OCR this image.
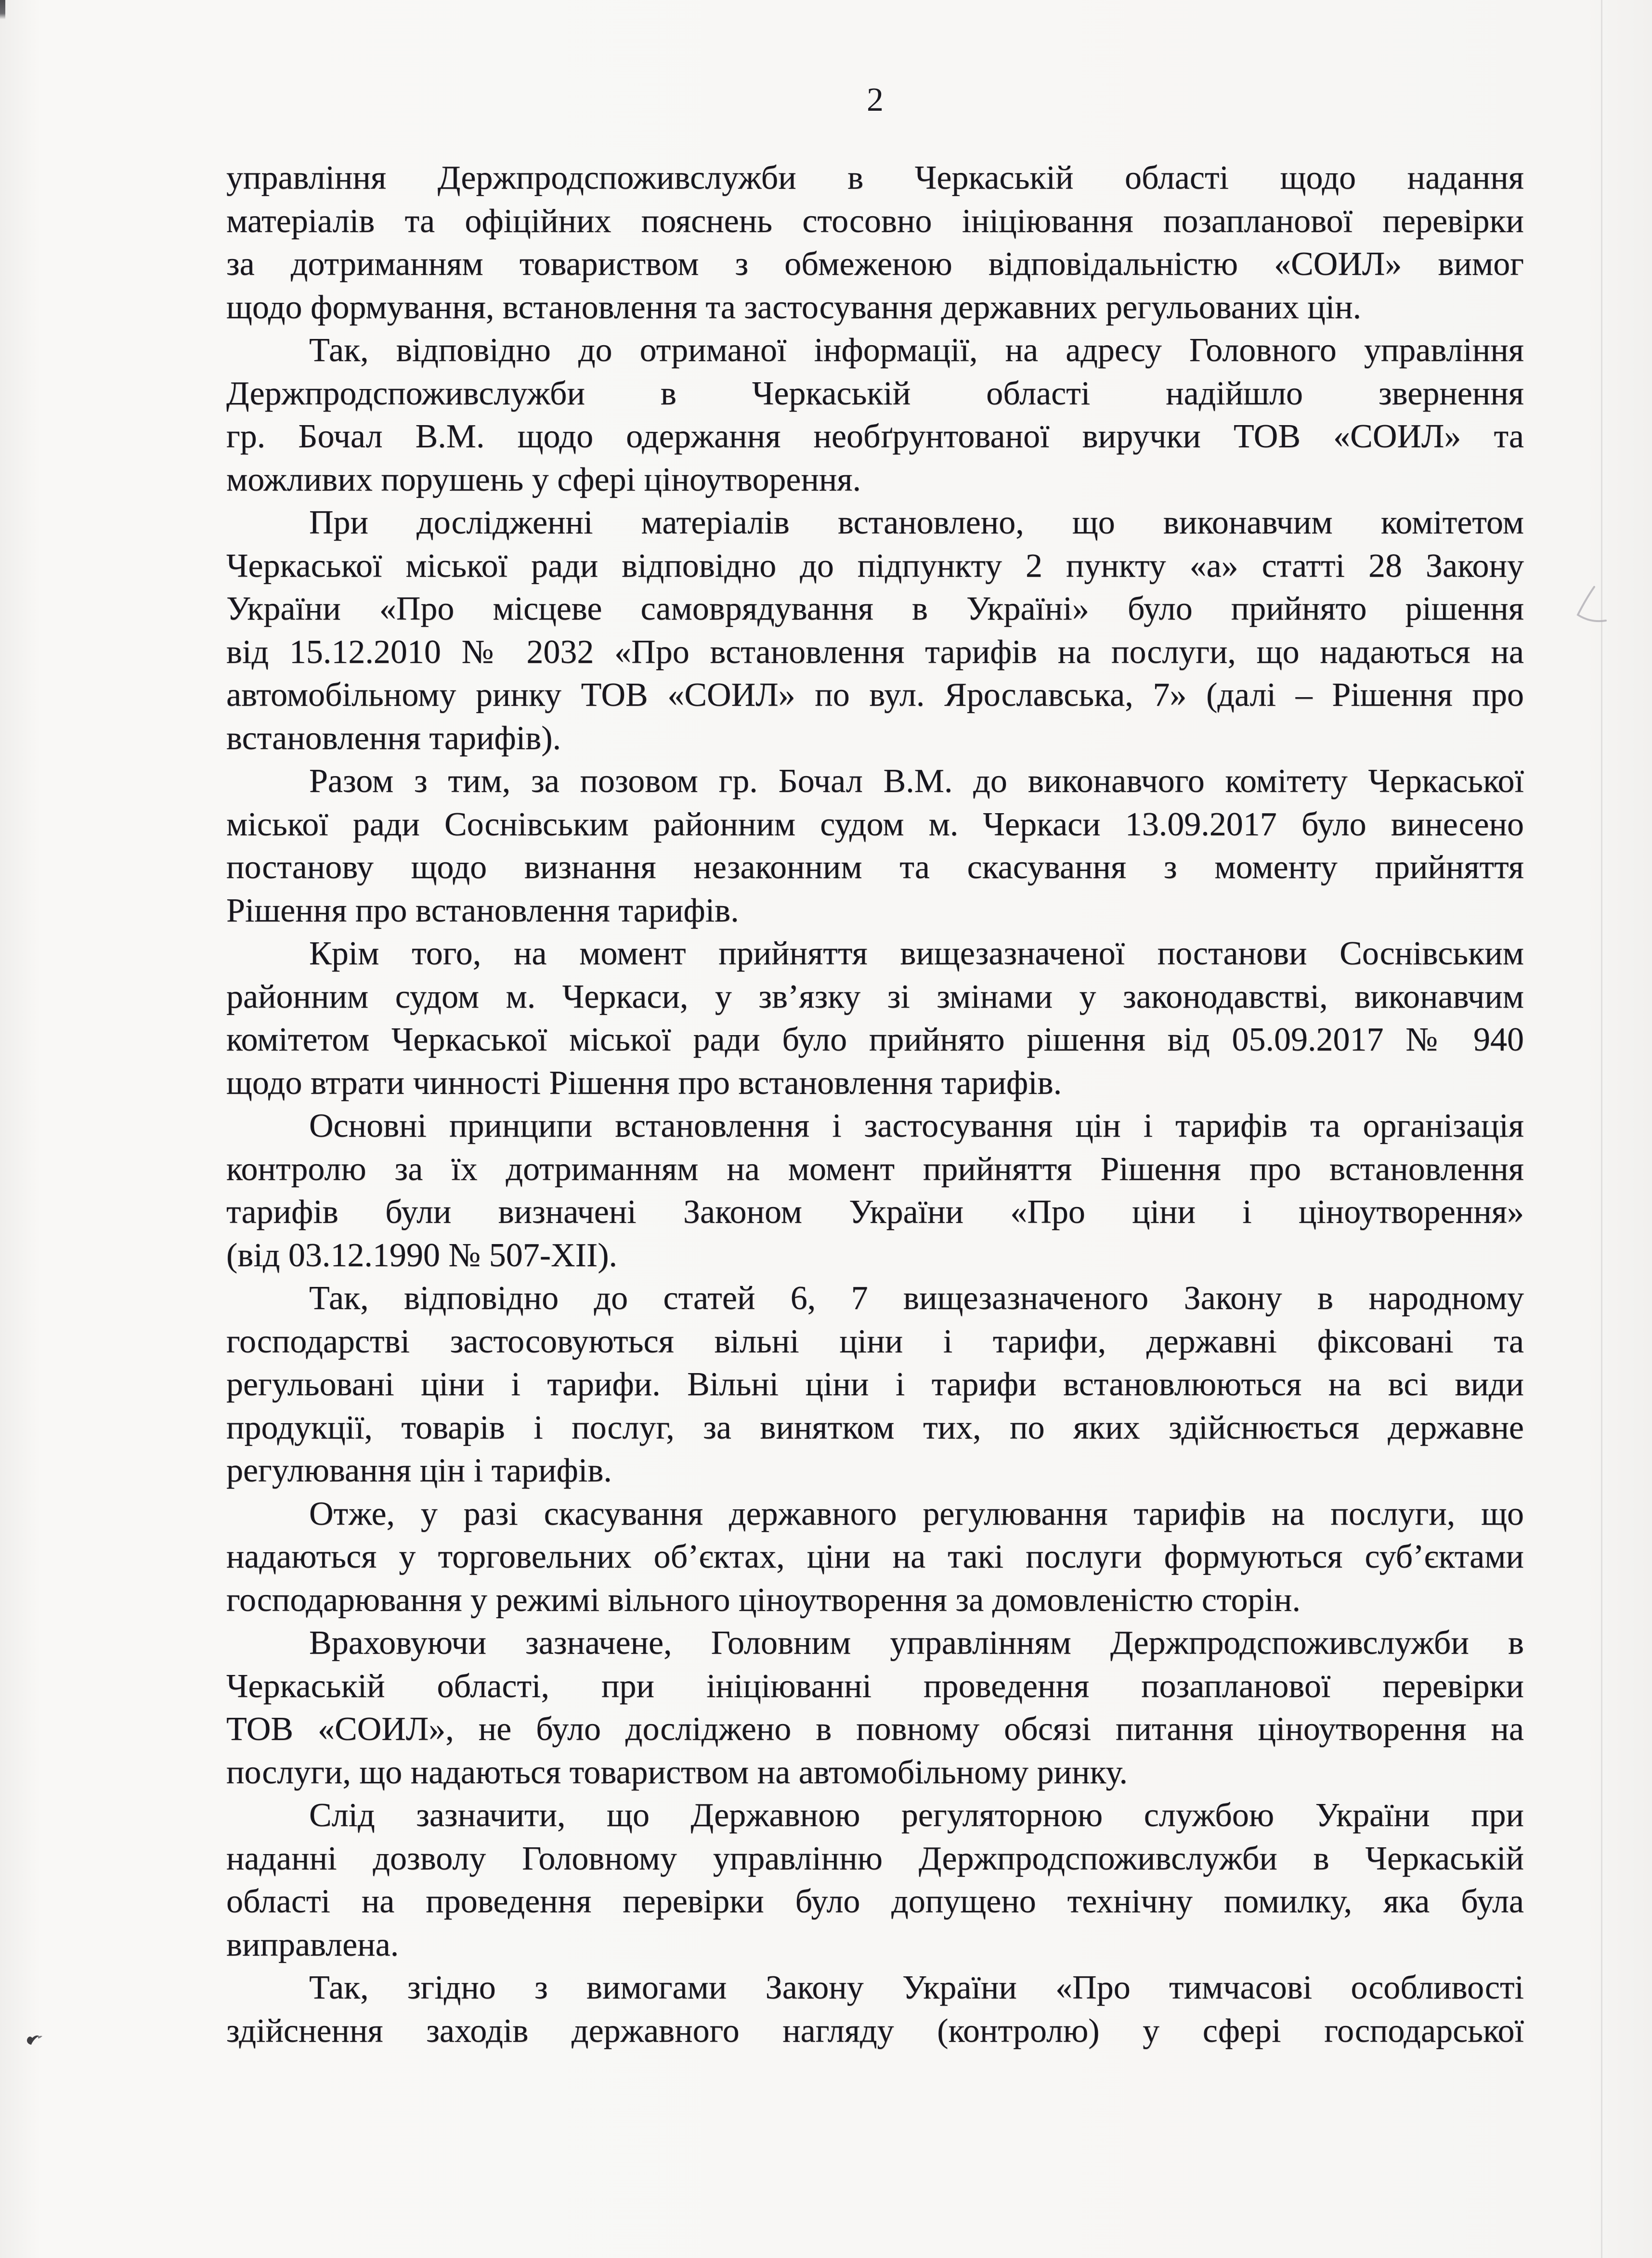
2
управління Держпродспоживслужби в Черкаській області щодо надання
матеріалів та офіційних пояснень стосовно ініціювання позапланової перевірки
за дотриманням товариством з обмеженою відповідальністю «СОИЛ» вимог
щодо формування, встановлення та застосування державних регульованих цін.
Так, відповідно до отриманої інформації, на адресу Головного управління
Держпродспоживслужби в Черкаській області надійшло звернення
гр. Бочал В.М. щодо одержання необґрунтованої виручки ТОВ «СОИЛ» та
можливих порушень у сфері ціноутворення.
При дослідженні матеріалів встановлено, що виконавчим комітетом
Черкаської міської ради відповідно до підпункту 2 пункту «а» статті 28 Закону
України «Про місцеве самоврядування в Україні» було прийнято рішення
від 15.12.2010 № 2032 «Про встановлення тарифів на послуги, що надаються на
автомобільному ринку ТОВ «СОИЛ» по вул. Ярославська, 7» (далі – Рішення про
встановлення тарифів).
Разом з тим, за позовом гр. Бочал В.М. до виконавчого комітету Черкаської
міської ради Соснівським районним судом м. Черкаси 13.09.2017 було винесено
постанову щодо визнання незаконним та скасування з моменту прийняття
Рішення про встановлення тарифів.
Крім того, на момент прийняття вищезазначеної постанови Соснівським
районним судом м. Черкаси, у зв’язку зі змінами у законодавстві, виконавчим
комітетом Черкаської міської ради було прийнято рішення від 05.09.2017 № 940
щодо втрати чинності Рішення про встановлення тарифів.
Основні принципи встановлення і застосування цін і тарифів та організація
контролю за їх дотриманням на момент прийняття Рішення про встановлення
тарифів були визначені Законом України «Про ціни і ціноутворення»
(від 03.12.1990 № 507-XII).
Так, відповідно до статей 6, 7 вищезазначеного Закону в народному
господарстві застосовуються вільні ціни і тарифи, державні фіксовані та
регульовані ціни і тарифи. Вільні ціни і тарифи встановлюються на всі види
продукції, товарів і послуг, за винятком тих, по яких здійснюється державне
регулювання цін і тарифів.
Отже, у разі скасування державного регулювання тарифів на послуги, що
надаються у торговельних об’єктах, ціни на такі послуги формуються суб’єктами
господарювання у режимі вільного ціноутворення за домовленістю сторін.
Враховуючи зазначене, Головним управлінням Держпродспоживслужби в
Черкаській області, при ініціюванні проведення позапланової перевірки
ТОВ «СОИЛ», не було досліджено в повному обсязі питання ціноутворення на
послуги, що надаються товариством на автомобільному ринку.
Слід зазначити, що Державною регуляторною службою України при
наданні дозволу Головному управлінню Держпродспоживслужби в Черкаській
області на проведення перевірки було допущено технічну помилку, яка була
виправлена.
Так, згідно з вимогами Закону України «Про тимчасові особливості
здійснення заходів державного нагляду (контролю) у сфері господарської
